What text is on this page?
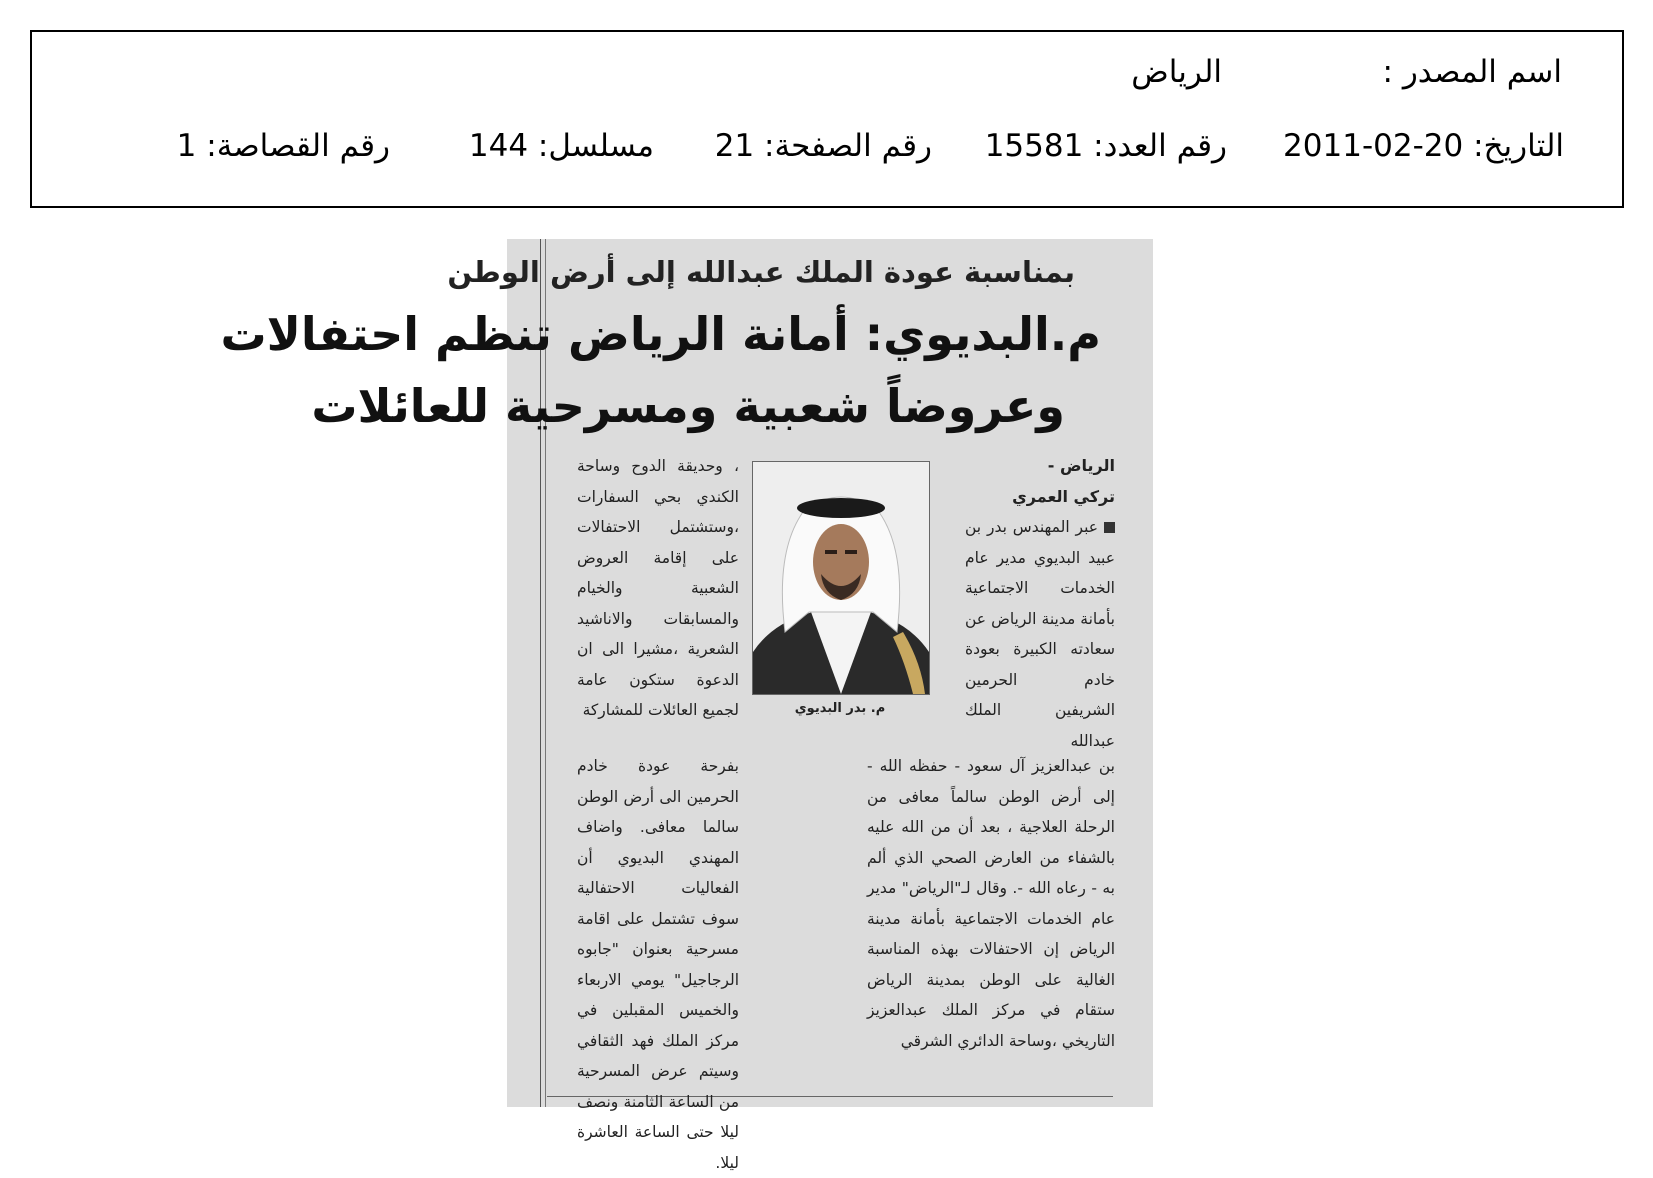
اسم المصدر :
الرياض
التاريخ: 20-02-2011
رقم العدد: 15581
رقم الصفحة: 21
مسلسل: 144
رقم القصاصة: 1
بمناسبة عودة الملك عبدالله إلى أرض الوطن
م.البديوي: أمانة الرياض تنظم احتفالات
وعروضاً شعبية ومسرحية للعائلات

الرياض -

تركي العمري

عبر المهندس بدر بن عبيد البديوي مدير عام الخدمات الاجتماعية بأمانة مدينة الرياض عن سعادته الكبيرة بعودة خادم الحرمين الشريفين الملك عبدالله

م. بدر البديوي

، وحديقة الدوح وساحة الكندي بحي السفارات ،وستشتمل الاحتفالات على إقامة العروض الشعبية والخيام والمسابقات والاناشيد الشعرية ،مشيرا الى ان الدعوة ستكون عامة لجميع العائلات للمشاركة

بن عبدالعزيز آل سعود - حفظه الله - إلى أرض الوطن سالماً معافى من الرحلة العلاجية ، بعد أن من الله عليه بالشفاء من العارض الصحي الذي ألم به - رعاه الله -. وقال لـ"الرياض" مدير عام الخدمات الاجتماعية بأمانة مدينة الرياض إن الاحتفالات بهذه المناسبة الغالية على الوطن بمدينة الرياض ستقام في مركز الملك عبدالعزيز التاريخي ،وساحة الدائري الشرقي

بفرحة عودة خادم الحرمين الى أرض الوطن سالما معافى. واضاف المهندي البديوي أن الفعاليات الاحتفالية سوف تشتمل على اقامة مسرحية بعنوان "جابوه الرجاجيل" يومي الاربعاء والخميس المقبلين في مركز الملك فهد الثقافي وسيتم عرض المسرحية من الساعة الثامنة ونصف ليلا حتى الساعة العاشرة ليلا.
